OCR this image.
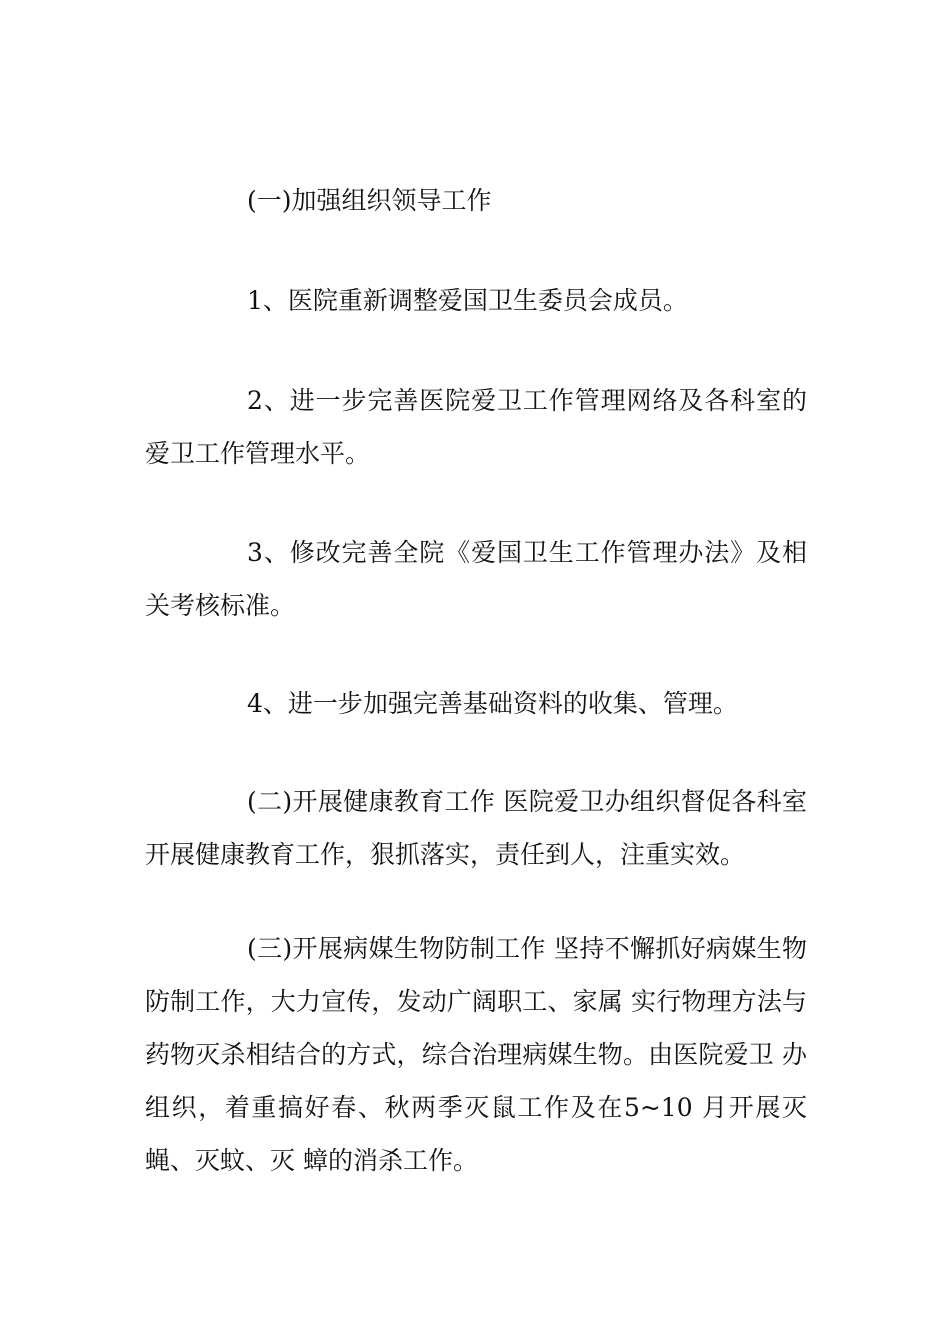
(一)加强组织领导工作

1、医院重新调整爱国卫生委员会成员。

2、进一步完善医院爱卫工作管理网络及各科室的爱卫工作管理水平。

3、修改完善全院《爱国卫生工作管理办法》及相关考核标准。

4、进一步加强完善基础资料的收集、管理。

(二)开展健康教育工作 医院爱卫办组织督促各科室开展健康教育工作，狠抓落实，责任到人，注重实效。

(三)开展病媒生物防制工作 坚持不懈抓好病媒生物防制工作，大力宣传，发动广阔职工、家属 实行物理方法与药物灭杀相结合的方式，综合治理病媒生物。由医院爱卫 办组织，着重搞好春、秋两季灭鼠工作及在5~10 月开展灭蝇、灭蚊、灭 蟑的消杀工作。
